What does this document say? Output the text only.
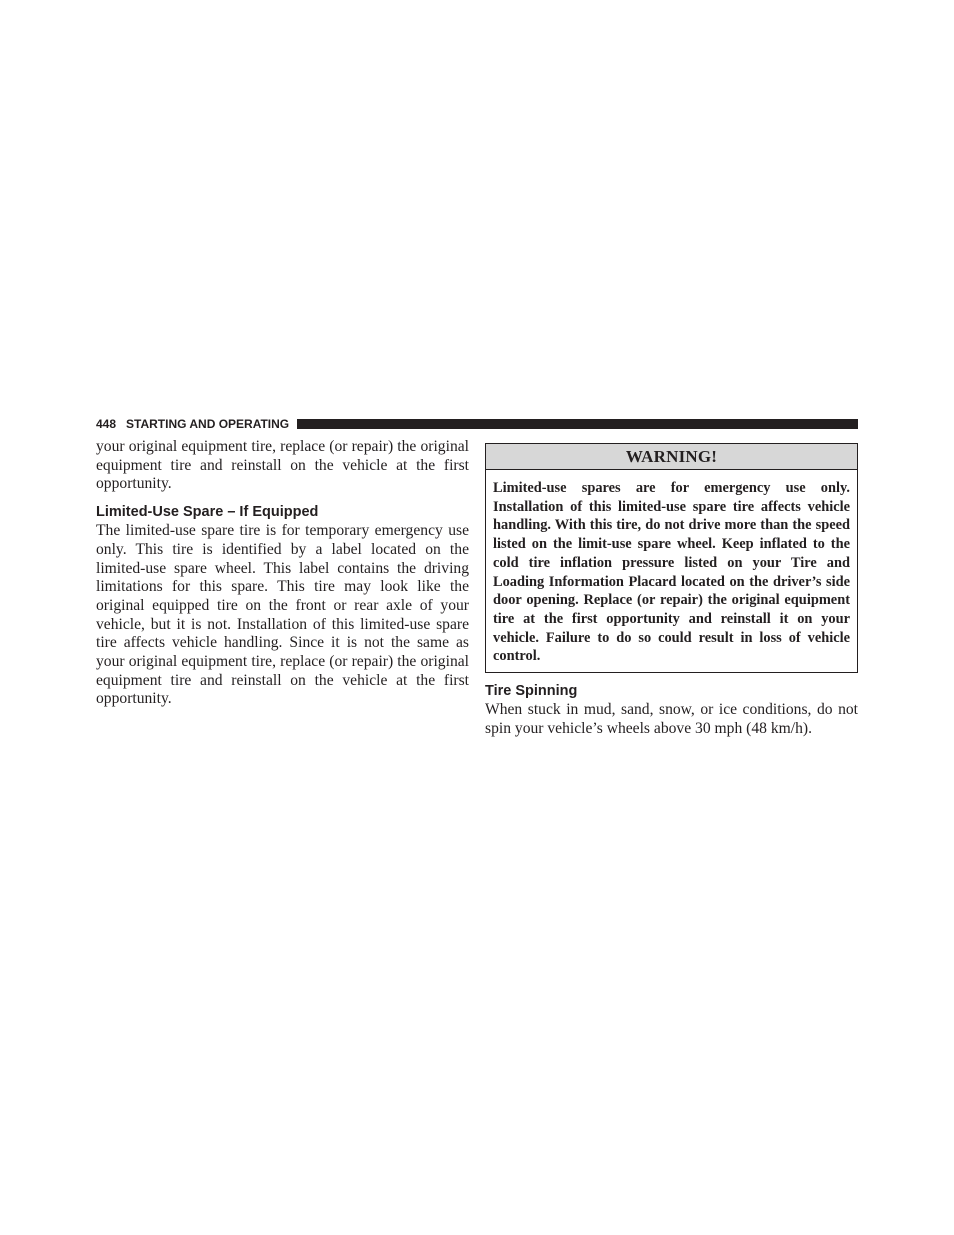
448 STARTING AND OPERATING

your original equipment tire, replace (or repair) the original equipment tire and reinstall on the vehicle at the first opportunity.

Limited-Use Spare – If Equipped

The limited-use spare tire is for temporary emergency use only. This tire is identified by a label located on the limited-use spare wheel. This label contains the driving limitations for this spare. This tire may look like the original equipped tire on the front or rear axle of your vehicle, but it is not. Installation of this limited-use spare tire affects vehicle handling. Since it is not the same as your original equipment tire, replace (or repair) the original equipment tire and reinstall on the vehicle at the first opportunity.

WARNING!
Limited-use spares are for emergency use only. Installation of this limited-use spare tire affects vehicle handling. With this tire, do not drive more than the speed listed on the limit-use spare wheel. Keep inflated to the cold tire inflation pressure listed on your Tire and Loading Information Placard located on the driver’s side door opening. Replace (or repair) the original equipment tire at the first opportunity and reinstall it on your vehicle. Failure to do so could result in loss of vehicle control.
Tire Spinning

When stuck in mud, sand, snow, or ice conditions, do not spin your vehicle’s wheels above 30 mph (48 km/h).
